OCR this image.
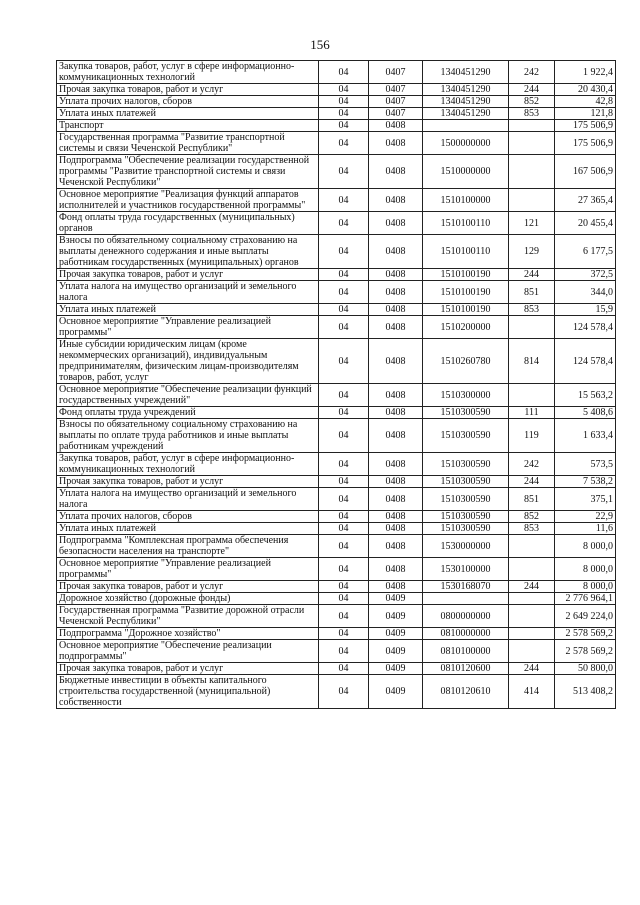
156
Закупка товаров, работ, услуг в сфере информационно-коммуникационных технологий	04	0407	1340451290	242	1 922,4
Прочая закупка товаров, работ и услуг	04	0407	1340451290	244	20 430,4
Уплата прочих налогов, сборов	04	0407	1340451290	852	42,8
Уплата иных платежей	04	0407	1340451290	853	121,8
Транспорт	04	0408			175 506,9
Государственная программа "Развитие транспортной системы и связи Чеченской Республики"	04	0408	1500000000		175 506,9
Подпрограмма "Обеспечение реализации государственной программы "Развитие транспортной системы и связи Чеченской Республики"	04	0408	1510000000		167 506,9
Основное мероприятие "Реализация функций аппаратов исполнителей и участников государственной программы"	04	0408	1510100000		27 365,4
Фонд оплаты труда государственных (муниципальных) органов	04	0408	1510100110	121	20 455,4
Взносы по обязательному социальному страхованию на выплаты денежного содержания и иные выплаты работникам государственных (муниципальных) органов	04	0408	1510100110	129	6 177,5
Прочая закупка товаров, работ и услуг	04	0408	1510100190	244	372,5
Уплата налога на имущество организаций и земельного налога	04	0408	1510100190	851	344,0
Уплата иных платежей	04	0408	1510100190	853	15,9
Основное мероприятие "Управление реализацией программы"	04	0408	1510200000		124 578,4
Иные субсидии юридическим лицам (кроме некоммерческих организаций), индивидуальным предпринимателям, физическим лицам-производителям товаров, работ, услуг	04	0408	1510260780	814	124 578,4
Основное мероприятие "Обеспечение реализации функций государственных учреждений"	04	0408	1510300000		15 563,2
Фонд оплаты труда учреждений	04	0408	1510300590	111	5 408,6
Взносы по обязательному социальному страхованию на выплаты по оплате труда работников и иные выплаты работникам учреждений	04	0408	1510300590	119	1 633,4
Закупка товаров, работ, услуг в сфере информационно-коммуникационных технологий	04	0408	1510300590	242	573,5
Прочая закупка товаров, работ и услуг	04	0408	1510300590	244	7 538,2
Уплата налога на имущество организаций и земельного налога	04	0408	1510300590	851	375,1
Уплата прочих налогов, сборов	04	0408	1510300590	852	22,9
Уплата иных платежей	04	0408	1510300590	853	11,6
Подпрограмма "Комплексная программа обеспечения безопасности населения на транспорте"	04	0408	1530000000		8 000,0
Основное мероприятие "Управление реализацией программы"	04	0408	1530100000		8 000,0
Прочая закупка товаров, работ и услуг	04	0408	1530168070	244	8 000,0
Дорожное хозяйство (дорожные фонды)	04	0409			2 776 964,1
Государственная программа "Развитие дорожной отрасли Чеченской Республики"	04	0409	0800000000		2 649 224,0
Подпрограмма "Дорожное хозяйство"	04	0409	0810000000		2 578 569,2
Основное мероприятие "Обеспечение реализации подпрограммы"	04	0409	0810100000		2 578 569,2
Прочая закупка товаров, работ и услуг	04	0409	0810120600	244	50 800,0
Бюджетные инвестиции в объекты капитального строительства государственной (муниципальной) собственности	04	0409	0810120610	414	513 408,2
